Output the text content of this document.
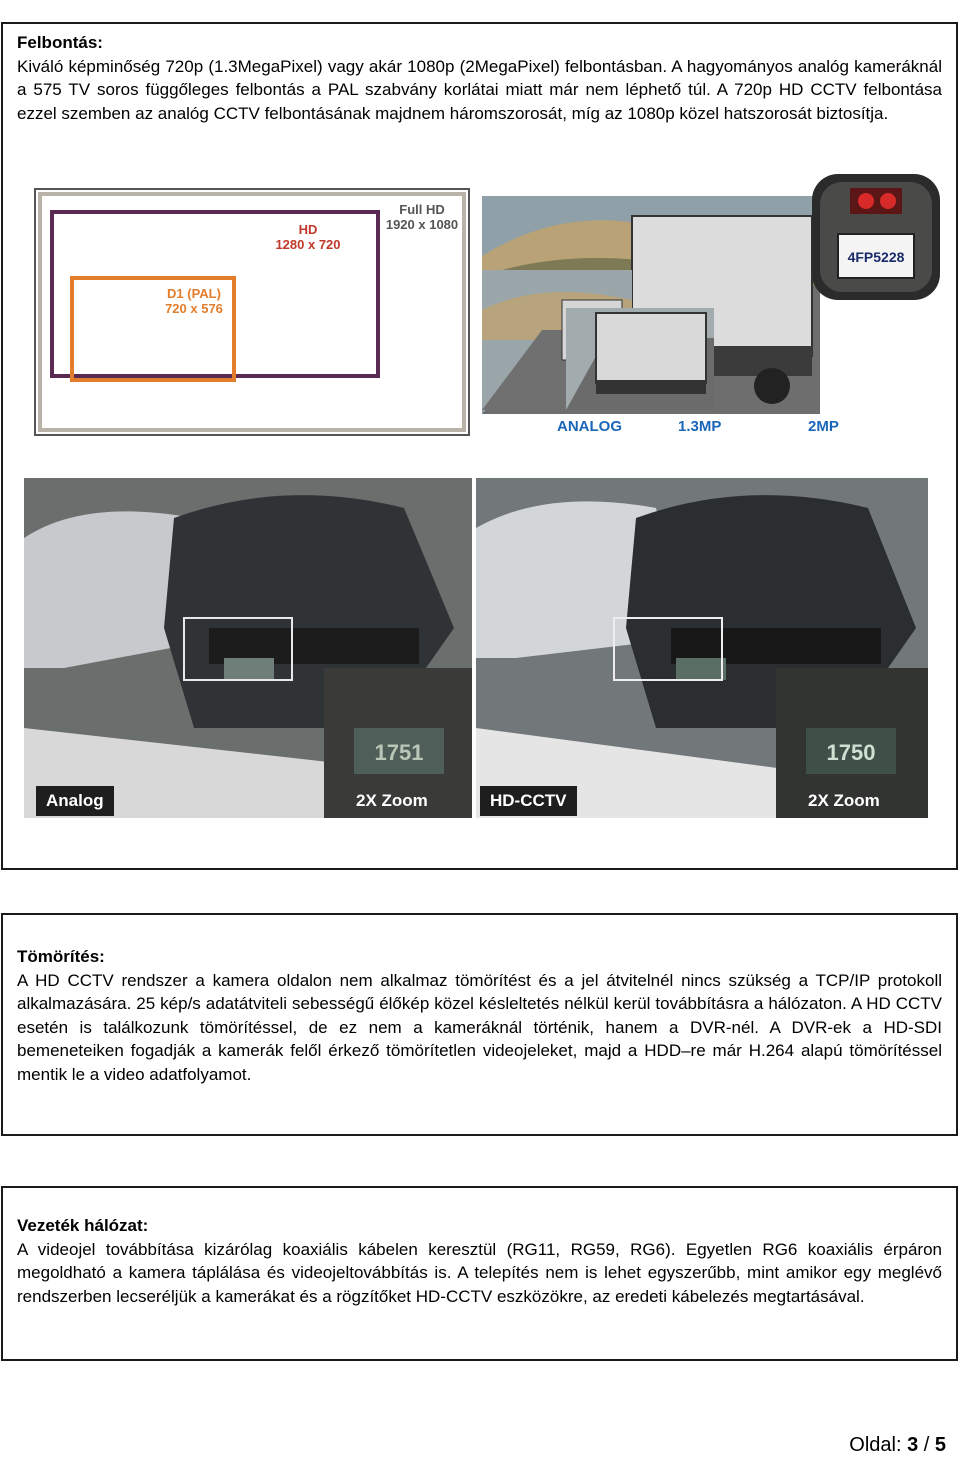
Felbontás:

Kiváló képminőség 720p (1.3MegaPixel) vagy akár 1080p (2MegaPixel) felbontásban. A hagyományos analóg kameráknál a 575 TV soros függőleges felbontás a PAL szabvány korlátai miatt már nem léphető túl. A 720p HD CCTV felbontása ezzel szemben az analóg CCTV felbontásának majdnem háromszorosát, míg az 1080p közel hatszorosát biztosítja.

Full HD
1920 x 1080
HD
1280 x 720
D1 (PAL)
720 x 576
4FP5228
ANALOG	1.3MP	2MP
1751	1750
Analog	2X Zoom	HD-CCTV	2X Zoom
Tömörítés:

A HD CCTV rendszer a kamera oldalon nem alkalmaz tömörítést és a jel átvitelnél nincs szükség a TCP/IP protokoll alkalmazására. 25 kép/s adatátviteli sebességű élőkép közel késleltetés nélkül kerül továbbításra a hálózaton. A HD CCTV esetén is találkozunk tömörítéssel, de ez nem a kameráknál történik, hanem a DVR-nél. A DVR-ek a HD-SDI bemeneteiken fogadják a kamerák felől érkező tömörítetlen videojeleket, majd a HDD–re már H.264 alapú tömörítéssel mentik le a video adatfolyamot.

Vezeték hálózat:

A videojel továbbítása kizárólag koaxiális kábelen keresztül (RG11, RG59, RG6). Egyetlen RG6 koaxiális érpáron megoldható a kamera táplálása és videojeltovábbítás is. A telepítés nem is lehet egyszerűbb, mint amikor egy meglévő rendszerben lecseréljük a kamerákat és a rögzítőket HD-CCTV eszközökre, az eredeti kábelezés megtartásával.

Oldal: 3 / 5
